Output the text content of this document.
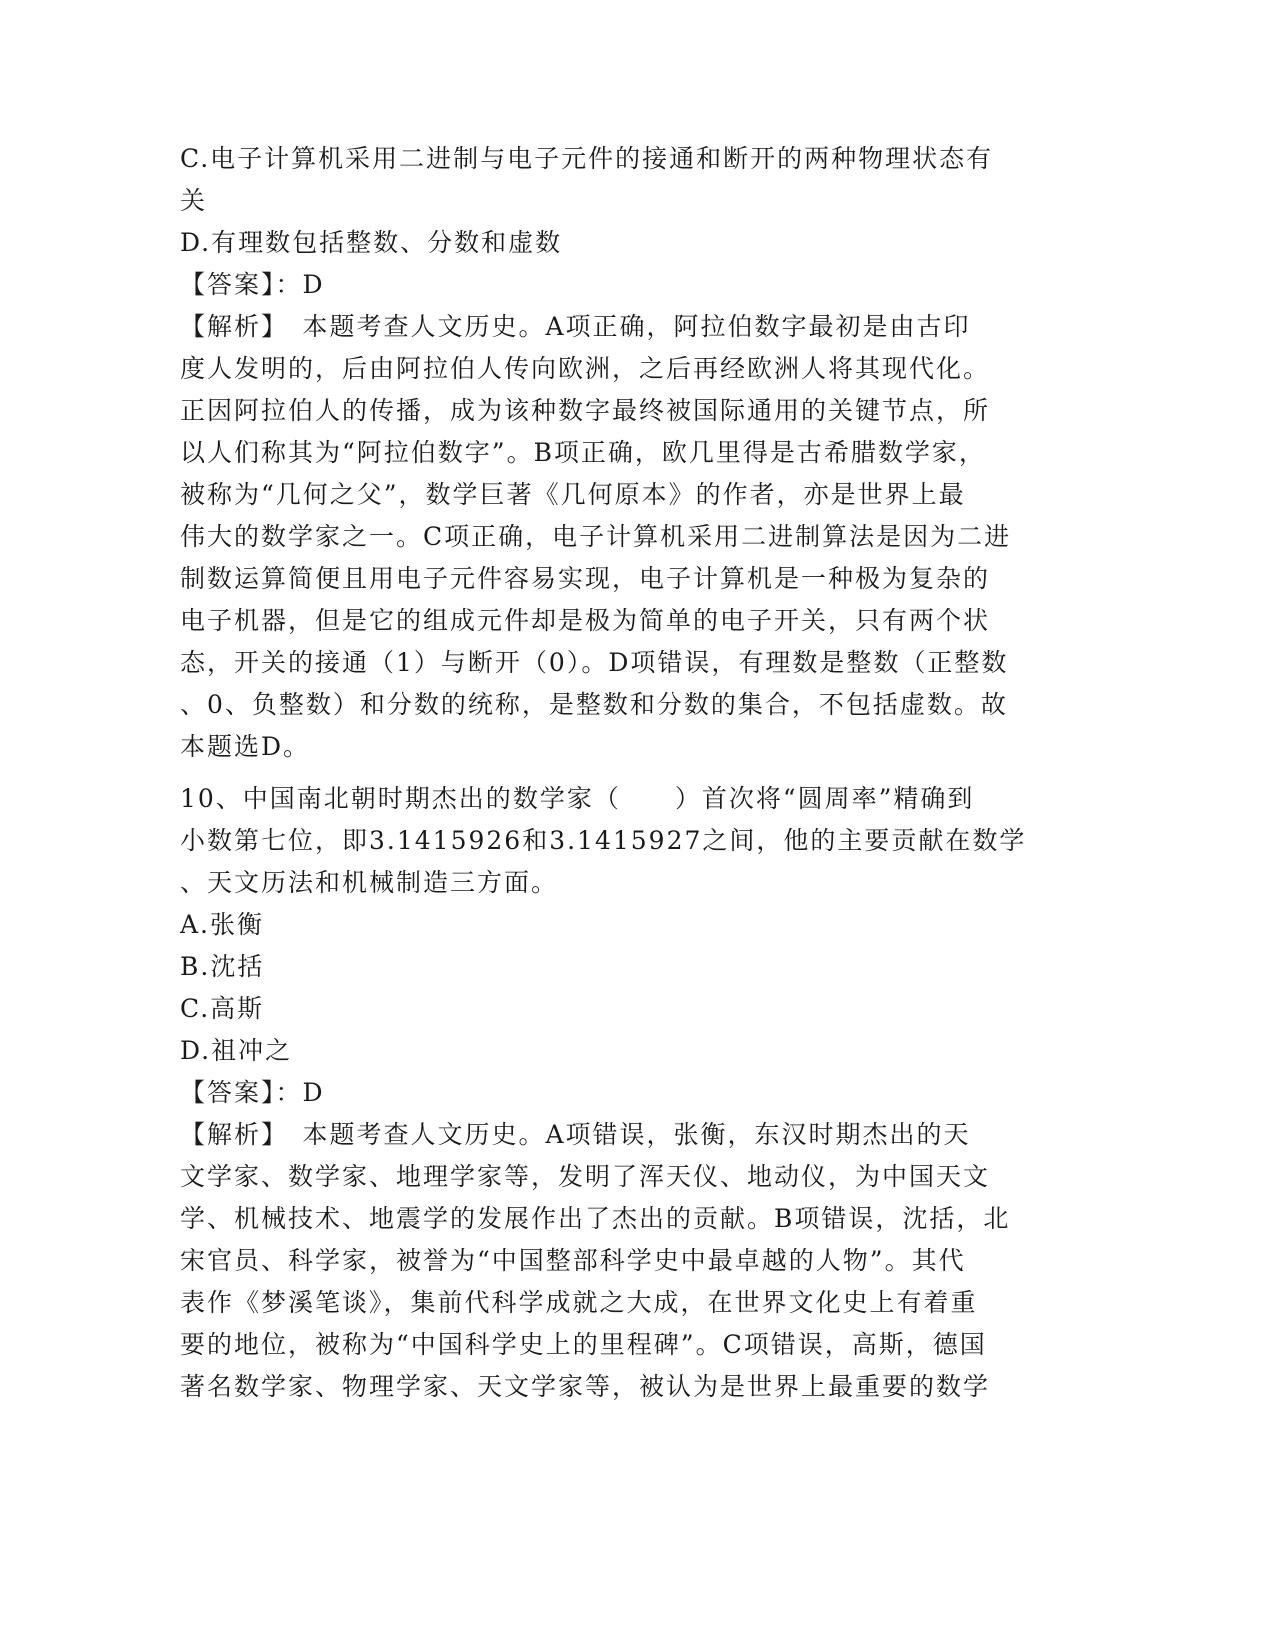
C.电子计算机采用二进制与电子元件的接通和断开的两种物理状态有
关
D.有理数包括整数、分数和虚数
【答案】：D
【解析】　本题考查人文历史。A项正确，阿拉伯数字最初是由古印
度人发明的，后由阿拉伯人传向欧洲，之后再经欧洲人将其现代化。
正因阿拉伯人的传播，成为该种数字最终被国际通用的关键节点，所
以人们称其为“阿拉伯数字”。B项正确，欧几里得是古希腊数学家，
被称为“几何之父”，数学巨著《几何原本》的作者，亦是世界上最
伟大的数学家之一。C项正确，电子计算机采用二进制算法是因为二进
制数运算简便且用电子元件容易实现，电子计算机是一种极为复杂的
电子机器，但是它的组成元件却是极为简单的电子开关，只有两个状
态，开关的接通（1）与断开（0）。D项错误，有理数是整数（正整数
、0、负整数）和分数的统称，是整数和分数的集合，不包括虚数。故
本题选D。
10、中国南北朝时期杰出的数学家（　　）首次将“圆周率”精确到
小数第七位，即3.1415926和3.1415927之间，他的主要贡献在数学
、天文历法和机械制造三方面。
A.张衡
B.沈括
C.高斯
D.祖冲之
【答案】：D
【解析】　本题考查人文历史。A项错误，张衡，东汉时期杰出的天
文学家、数学家、地理学家等，发明了浑天仪、地动仪，为中国天文
学、机械技术、地震学的发展作出了杰出的贡献。B项错误，沈括，北
宋官员、科学家，被誉为“中国整部科学史中最卓越的人物”。其代
表作《梦溪笔谈》，集前代科学成就之大成，在世界文化史上有着重
要的地位，被称为“中国科学史上的里程碑”。C项错误，高斯，德国
著名数学家、物理学家、天文学家等，被认为是世界上最重要的数学
